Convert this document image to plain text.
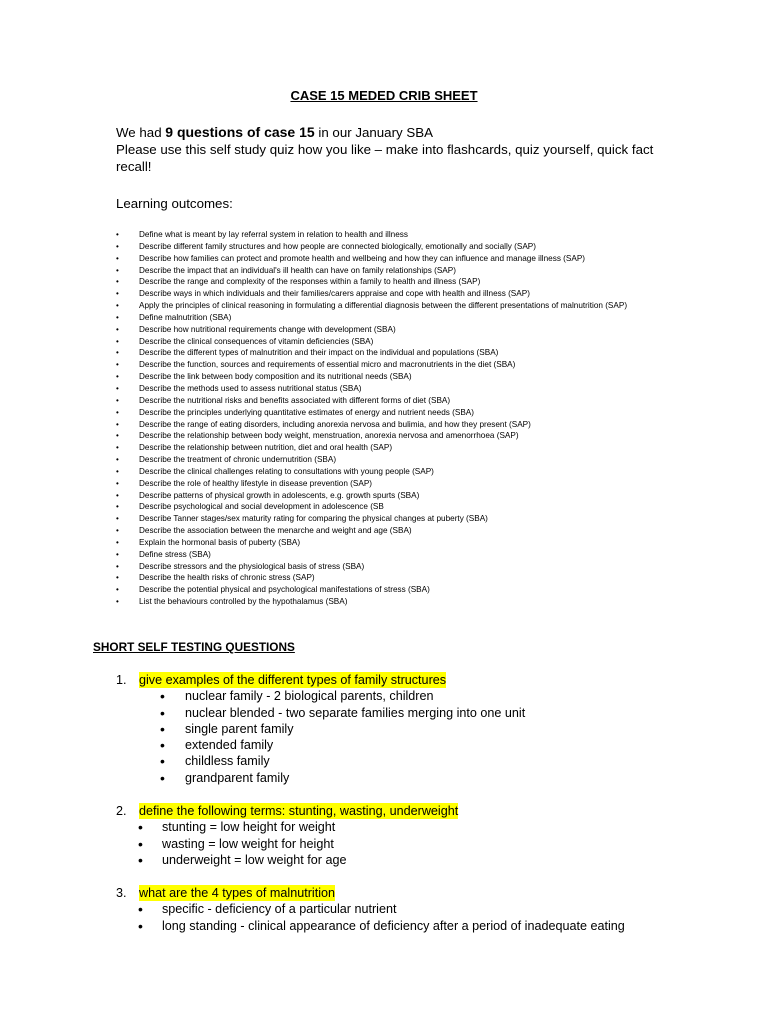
CASE 15 MEDED CRIB SHEET
We had 9 questions of case 15 in our January SBA
Please use this self study quiz how you like – make into flashcards, quiz yourself, quick fact recall!
Learning outcomes:
• Define what is meant by lay referral system in relation to health and illness
• Describe different family structures and how people are connected biologically, emotionally and socially (SAP)
• Describe how families can protect and promote health and wellbeing and how they can influence and manage illness (SAP)
• Describe the impact that an individual's ill health can have on family relationships (SAP)
• Describe the range and complexity of the responses within a family to health and illness (SAP)
• Describe ways in which individuals and their families/carers appraise and cope with health and illness (SAP)
• Apply the principles of clinical reasoning in formulating a differential diagnosis between the different presentations of malnutrition (SAP)
• Define malnutrition (SBA)
• Describe how nutritional requirements change with development (SBA)
• Describe the clinical consequences of vitamin deficiencies (SBA)
• Describe the different types of malnutrition and their impact on the individual and populations (SBA)
• Describe the function, sources and requirements of essential micro and macronutrients in the diet (SBA)
• Describe the link between body composition and its nutritional needs (SBA)
• Describe the methods used to assess nutritional status (SBA)
• Describe the nutritional risks and benefits associated with different forms of diet (SBA)
• Describe the principles underlying quantitative estimates of energy and nutrient needs (SBA)
• Describe the range of eating disorders, including anorexia nervosa and bulimia, and how they present (SAP)
• Describe the relationship between body weight, menstruation, anorexia nervosa and amenorrhoea (SAP)
• Describe the relationship between nutrition, diet and oral health (SAP)
• Describe the treatment of chronic undernutrition (SBA)
• Describe the clinical challenges relating to consultations with young people (SAP)
• Describe the role of healthy lifestyle in disease prevention (SAP)
• Describe patterns of physical growth in adolescents, e.g. growth spurts (SBA)
• Describe psychological and social development in adolescence (SB
• Describe Tanner stages/sex maturity rating for comparing the physical changes at puberty (SBA)
• Describe the association between the menarche and weight and age (SBA)
• Explain the hormonal basis of puberty (SBA)
• Define stress (SBA)
• Describe stressors and the physiological basis of stress (SBA)
• Describe the health risks of chronic stress (SAP)
• Describe the potential physical and psychological manifestations of stress (SBA)
• List the behaviours controlled by the hypothalamus (SBA)
SHORT SELF TESTING QUESTIONS
1. give examples of the different types of family structures
• nuclear family - 2 biological parents, children
• nuclear blended - two separate families merging into one unit
• single parent family
• extended family
• childless family
• grandparent family
2. define the following terms: stunting, wasting, underweight
• stunting = low height for weight
• wasting = low weight for height
• underweight = low weight for age
3. what are the 4 types of malnutrition
• specific - deficiency of a particular nutrient
• long standing - clinical appearance of deficiency after a period of inadequate eating
